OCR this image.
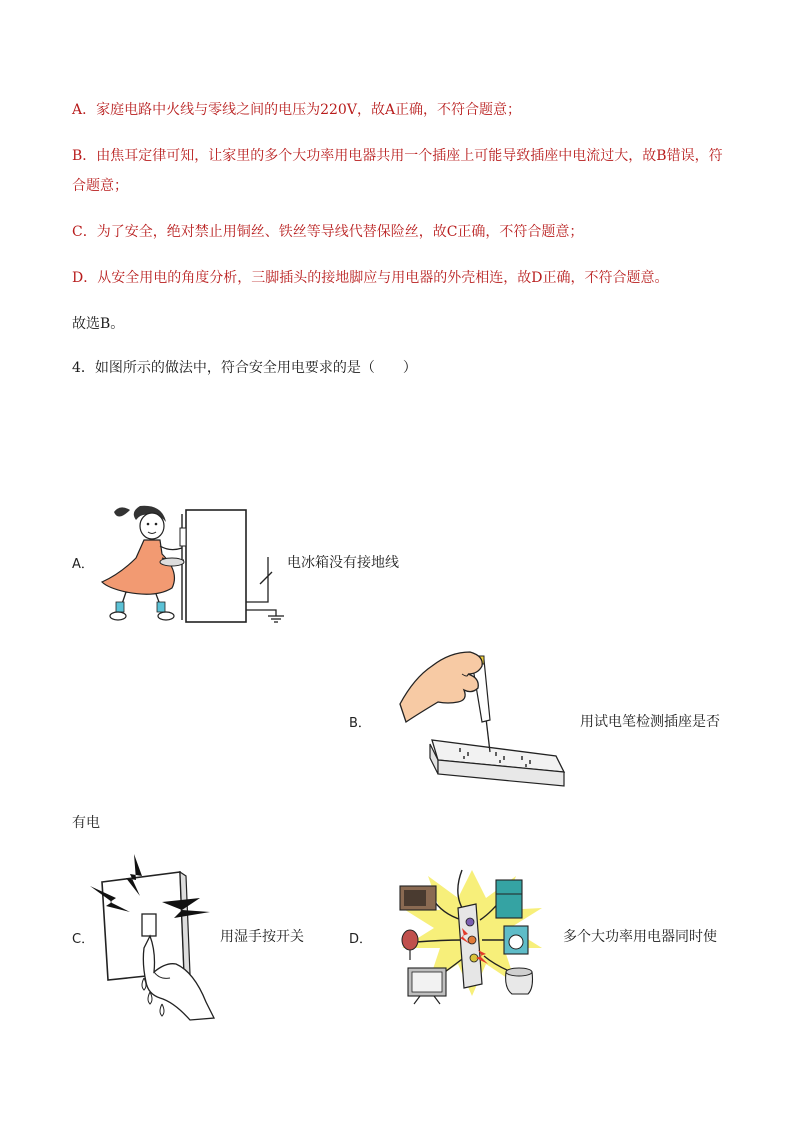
A．家庭电路中火线与零线之间的电压为220V，故A正确，不符合题意；
B．由焦耳定律可知，让家里的多个大功率用电器共用一个插座上可能导致插座中电流过大，故B错误，符
合题意；
C．为了安全，绝对禁止用铜丝、铁丝等导线代替保险丝，故C正确，不符合题意；
D．从安全用电的角度分析，三脚插头的接地脚应与用电器的外壳相连，故D正确，不符合题意。
故选B。
4．如图所示的做法中，符合安全用电要求的是（　　）
A．	电冰箱没有接地线
B．	用试电笔检测插座是否
有电
C．	用湿手按开关	D．	多个大功率用电器同时使
